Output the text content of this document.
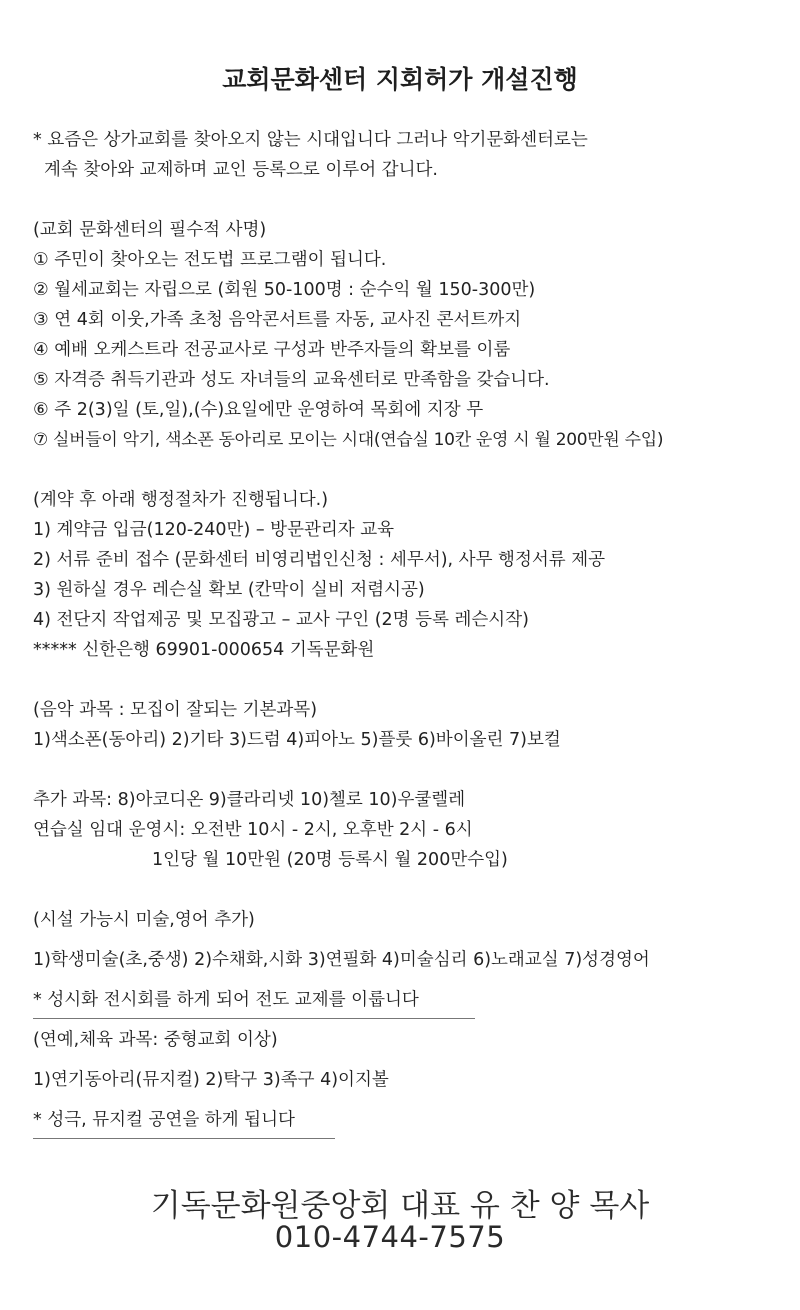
교회문화센터 지회허가 개설진행
* 요즘은 상가교회를 찾아오지 않는 시대입니다 그러나 악기문화센터로는
계속 찾아와 교제하며 교인 등록으로 이루어 갑니다.
(교회 문화센터의 필수적 사명)
① 주민이 찾아오는 전도법 프로그램이 됩니다.
② 월세교회는 자립으로 (회원 50-100명 : 순수익 월 150-300만)
③ 연 4회 이웃,가족 초청 음악콘서트를 자동, 교사진 콘서트까지
④ 예배 오케스트라 전공교사로 구성과 반주자들의 확보를 이룸
⑤ 자격증 취득기관과 성도 자녀들의 교육센터로 만족함을 갖습니다.
⑥ 주 2(3)일 (토,일),(수)요일에만 운영하여 목회에 지장 무
⑦ 실버들이 악기, 색소폰 동아리로 모이는 시대(연습실 10칸 운영 시 월 200만원 수입)
(계약 후 아래 행정절차가 진행됩니다.)
1) 계약금 입금(120-240만) – 방문관리자 교육
2) 서류 준비 접수 (문화센터 비영리법인신청 : 세무서), 사무 행정서류 제공
3) 원하실 경우 레슨실 확보 (칸막이 실비 저렴시공)
4) 전단지 작업제공 및 모집광고 – 교사 구인 (2명 등록 레슨시작)
***** 신한은행 69901-000654 기독문화원
(음악 과목 : 모집이 잘되는 기본과목)
1)색소폰(동아리) 2)기타 3)드럼 4)피아노 5)플룻 6)바이올린 7)보컬
추가 과목: 8)아코디온 9)클라리넷 10)첼로 10)우쿨렐레
연습실 임대 운영시: 오전반 10시 - 2시, 오후반 2시 - 6시
1인당 월 10만원 (20명 등록시 월 200만수입)
(시설 가능시 미술,영어 추가)
1)학생미술(초,중생) 2)수채화,시화 3)연필화 4)미술심리 6)노래교실 7)성경영어
* 성시화 전시회를 하게 되어 전도 교제를 이룹니다
(연예,체육 과목: 중형교회 이상)
1)연기동아리(뮤지컬) 2)탁구 3)족구 4)이지볼
* 성극, 뮤지컬 공연을 하게 됩니다
기독문화원중앙회 대표 유 찬 양 목사
010-4744-7575
